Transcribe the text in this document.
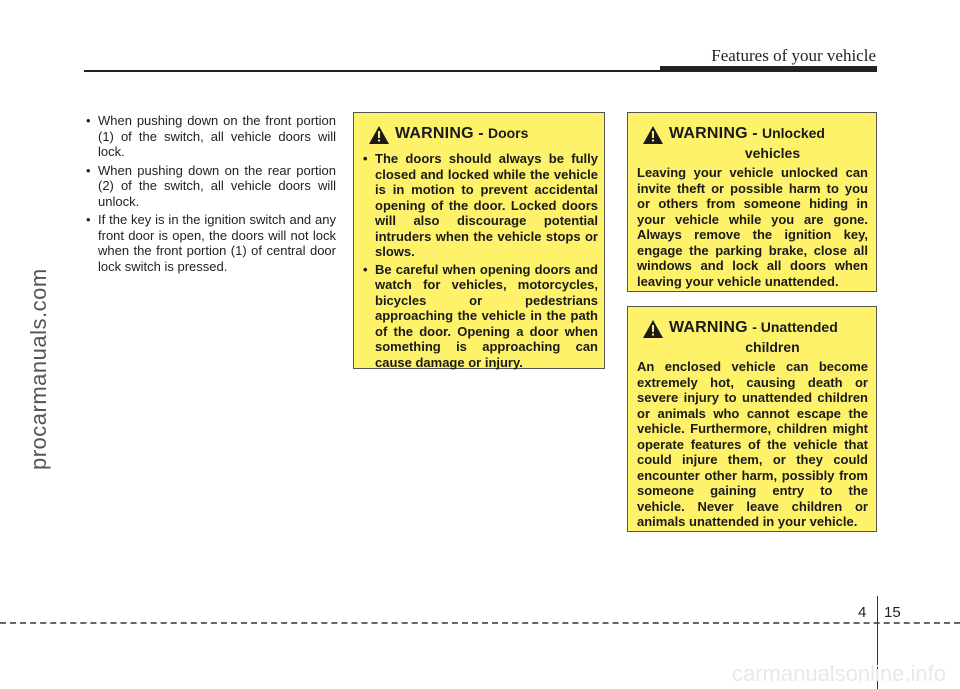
Features of your vehicle
procarmanuals.com
• When pushing down on the front portion (1) of the switch, all vehicle doors will lock.
• When pushing down on the rear portion (2) of the switch, all vehicle doors will unlock.
• If the key is in the ignition switch and any front door is open, the doors will not lock when the front portion (1) of central door lock switch is pressed.
WARNING - Doors
• The doors should always be fully closed and locked while the vehicle is in motion to prevent accidental opening of the door. Locked doors will also discourage potential intruders when the vehicle stops or slows.
• Be careful when opening doors and watch for vehicles, motorcycles, bicycles or pedestrians approaching the vehicle in the path of the door. Opening a door when something is approaching can cause damage or injury.
WARNING - Unlocked
vehicles
Leaving your vehicle unlocked can invite theft or possible harm to you or others from someone hiding in your vehicle while you are gone. Always remove the ignition key, engage the parking brake, close all windows and lock all doors when leaving your vehicle unattended.
WARNING - Unattended
children
An enclosed vehicle can become extremely hot, causing death or severe injury to unattended children or animals who cannot escape the vehicle. Furthermore, children might operate features of the vehicle that could injure them, or they could encounter other harm, possibly from someone gaining entry to the vehicle. Never leave children or animals unattended in your vehicle.
4 15
carmanualsonline.info
